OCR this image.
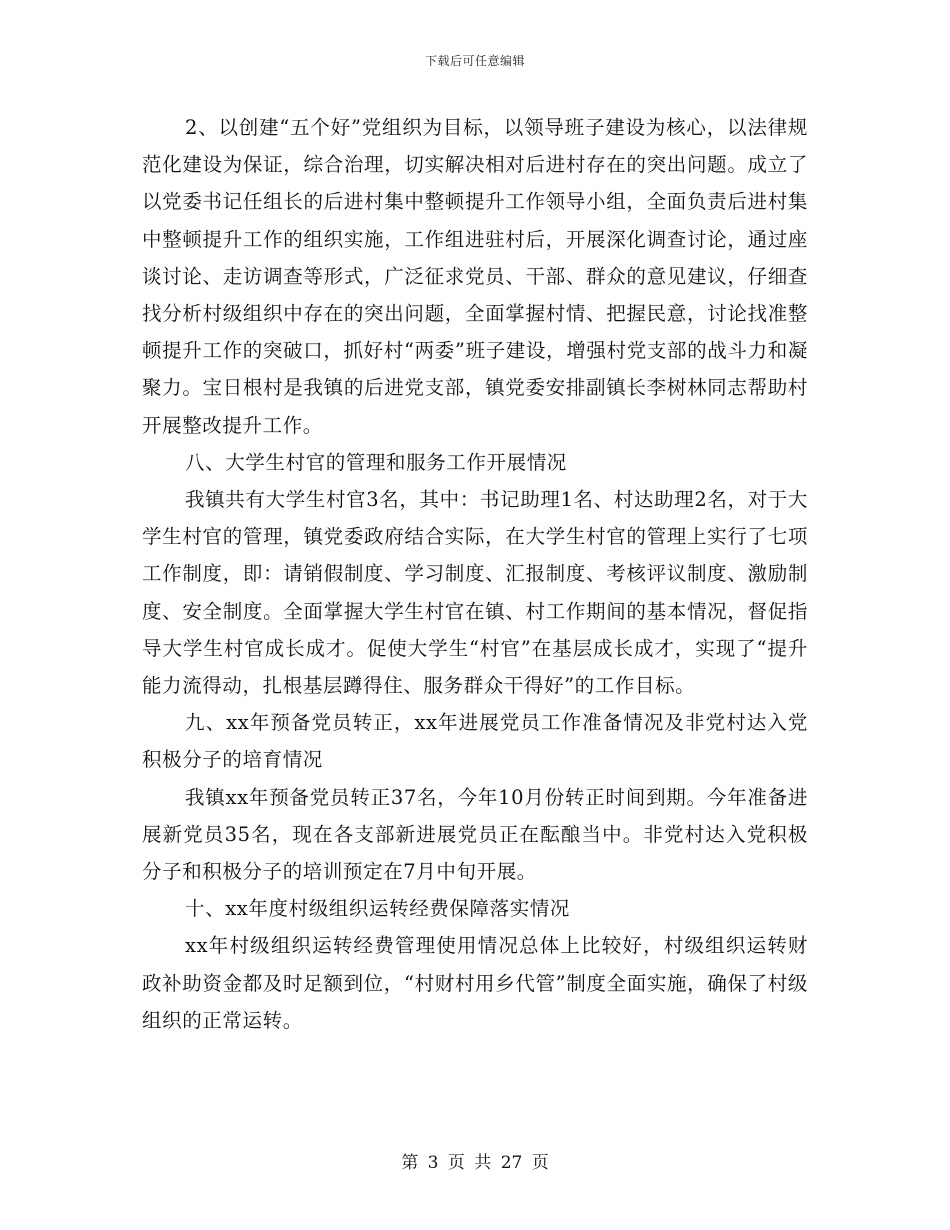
下载后可任意编辑

2、以创建“五个好”党组织为目标，以领导班子建设为核心，以法律规范化建设为保证，综合治理，切实解决相对后进村存在的突出问题。成立了以党委书记任组长的后进村集中整顿提升工作领导小组，全面负责后进村集中整顿提升工作的组织实施，工作组进驻村后，开展深化调查讨论，通过座谈讨论、走访调查等形式，广泛征求党员、干部、群众的意见建议，仔细查找分析村级组织中存在的突出问题，全面掌握村情、把握民意，讨论找准整顿提升工作的突破口，抓好村“两委”班子建设，增强村党支部的战斗力和凝聚力。宝日根村是我镇的后进党支部，镇党委安排副镇长李树林同志帮助村开展整改提升工作。

八、大学生村官的管理和服务工作开展情况

我镇共有大学生村官3名，其中：书记助理1名、村达助理2名，对于大学生村官的管理，镇党委政府结合实际，在大学生村官的管理上实行了七项工作制度，即：请销假制度、学习制度、汇报制度、考核评议制度、激励制度、安全制度。全面掌握大学生村官在镇、村工作期间的基本情况，督促指导大学生村官成长成才。促使大学生“村官”在基层成长成才，实现了“提升能力流得动，扎根基层蹲得住、服务群众干得好”的工作目标。

九、xx年预备党员转正，xx年进展党员工作准备情况及非党村达入党积极分子的培育情况

我镇xx年预备党员转正37名，今年10月份转正时间到期。今年准备进展新党员35名，现在各支部新进展党员正在酝酿当中。非党村达入党积极分子和积极分子的培训预定在7月中旬开展。

十、xx年度村级组织运转经费保障落实情况

xx年村级组织运转经费管理使用情况总体上比较好，村级组织运转财政补助资金都及时足额到位，“村财村用乡代管”制度全面实施，确保了村级组织的正常运转。

第 3 页 共 27 页
